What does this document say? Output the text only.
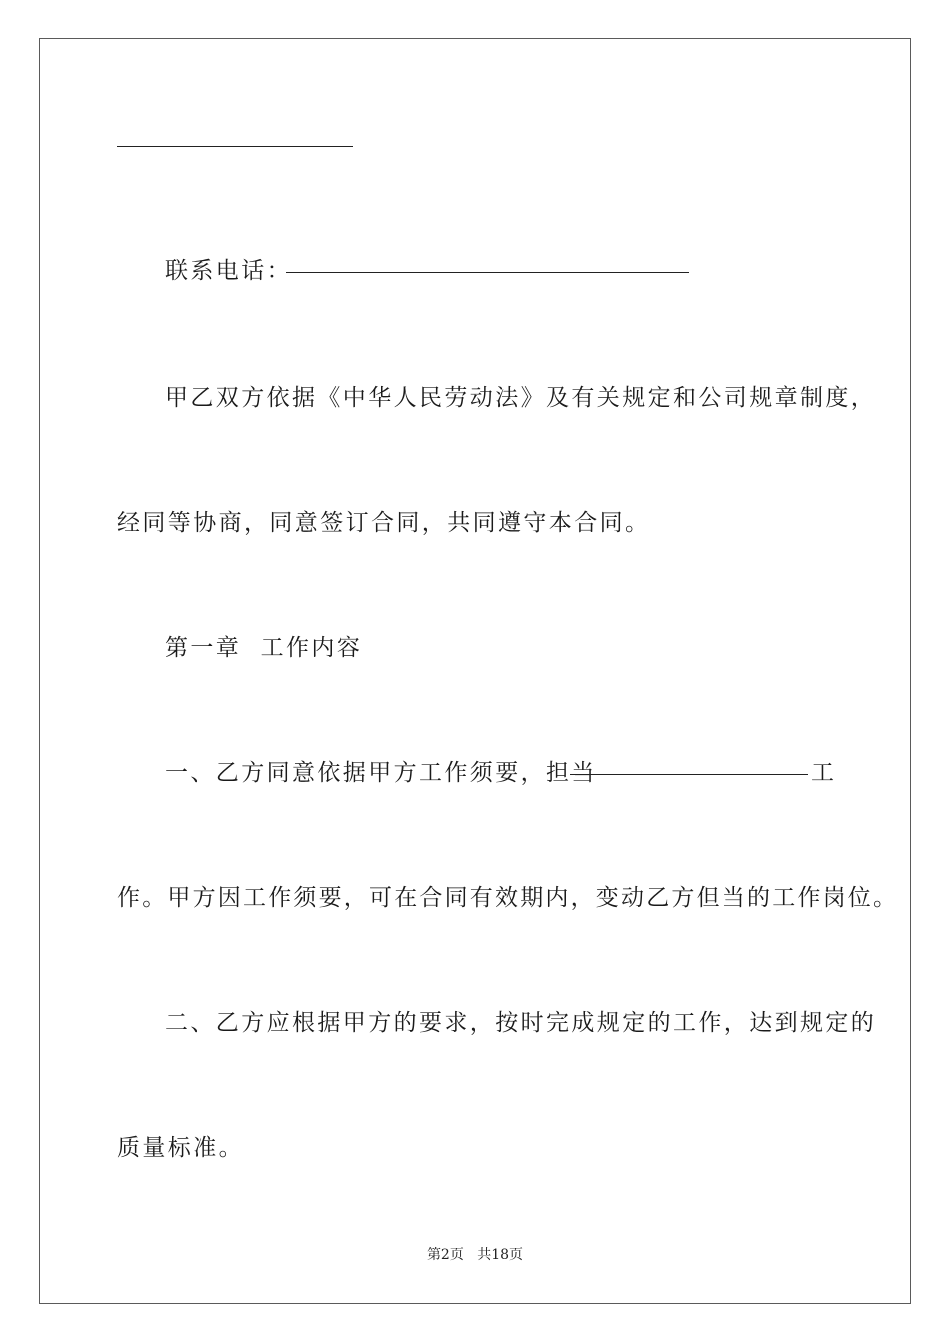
联系电话：
甲乙双方依据《中华人民劳动法》及有关规定和公司规章制度，
经同等协商，同意签订合同，共同遵守本合同。
第一章  工作内容
一、乙方同意依据甲方工作须要，担当	工
作。甲方因工作须要，可在合同有效期内，变动乙方但当的工作岗位。
二、乙方应根据甲方的要求，按时完成规定的工作，达到规定的
质量标准。
第2页 共18页
